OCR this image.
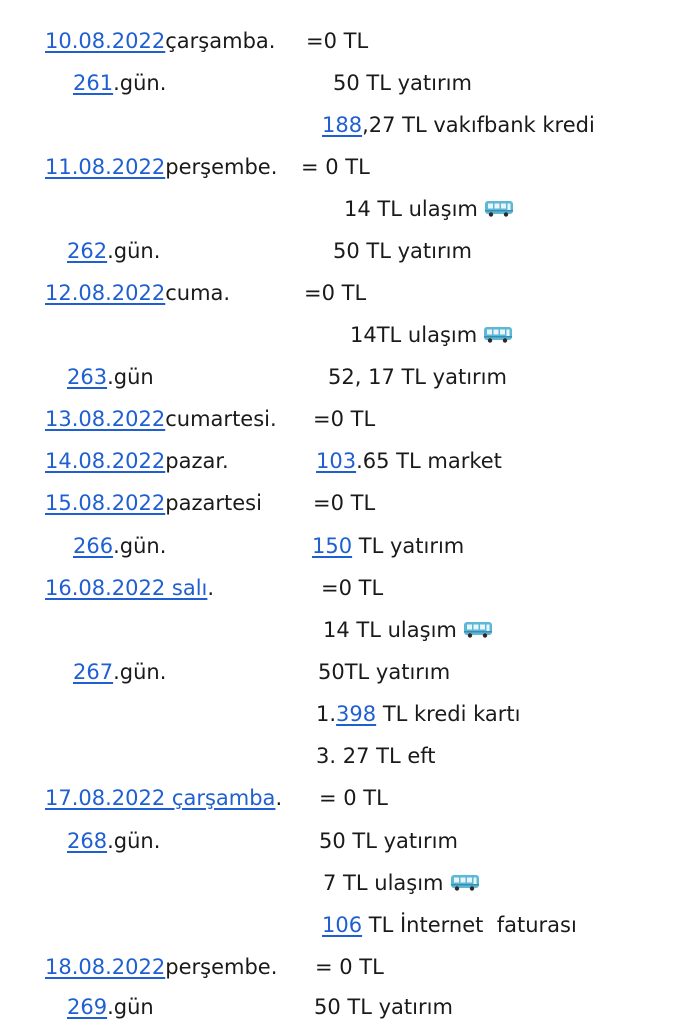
10.08.2022çarşamba. =0 TL
261.gün.	50 TL yatırım
188,27 TL vakıfbank kredi
11.08.2022perşembe. = 0 TL
14 TL ulaşım
262.gün.	50 TL yatırım
12.08.2022cuma.	=0 TL
14TL ulaşım
263.gün	52, 17 TL yatırım
13.08.2022cumartesi. =0 TL
14.08.2022pazar.	103.65 TL market
15.08.2022pazartesi =0 TL
266.gün.	150 TL yatırım
16.08.2022 salı.	=0 TL
14 TL ulaşım
267.gün.	50TL yatırım
1.398 TL kredi kartı
3. 27 TL eft
17.08.2022 çarşamba. = 0 TL
268.gün.	50 TL yatırım
7 TL ulaşım
106 TL İnternet  faturası
18.08.2022perşembe. = 0 TL
269.gün	50 TL yatırım
